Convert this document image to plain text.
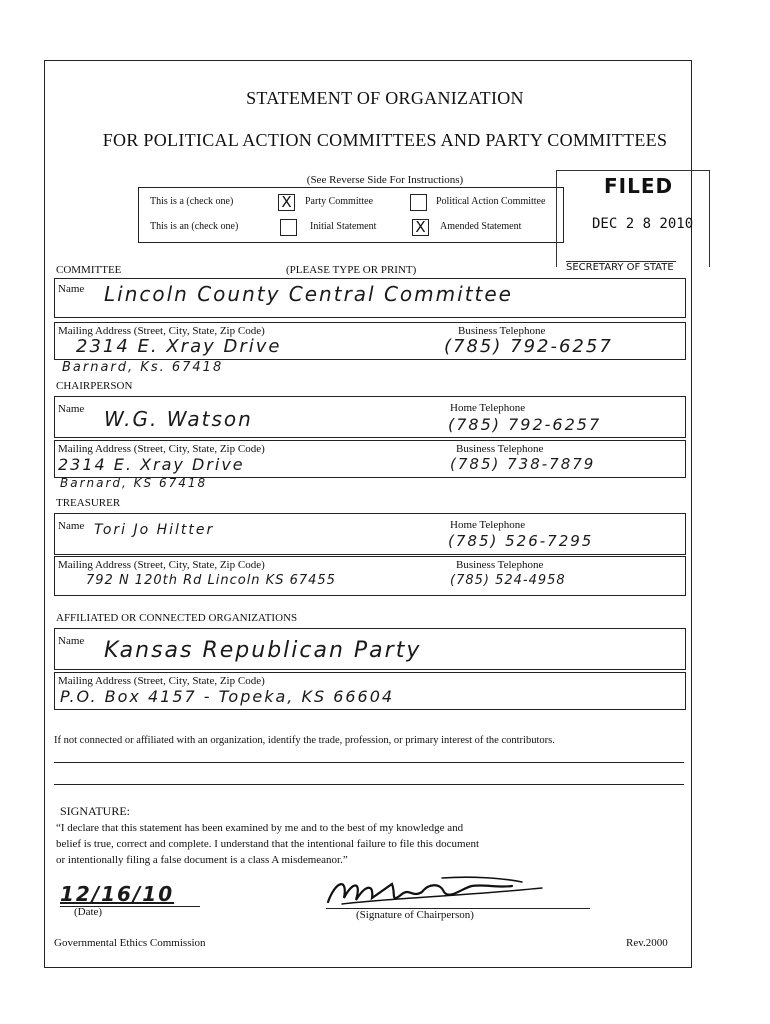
STATEMENT OF ORGANIZATION
FOR POLITICAL ACTION COMMITTEES AND PARTY COMMITTEES
(See Reverse Side For Instructions)
This is a (check one)	X	Party Committee	Political Action Committee
This is an (check one)	Initial Statement	X	Amended Statement
FILED
DEC 2 8 2010
SECRETARY OF STATE
COMMITTEE	(PLEASE TYPE OR PRINT)
Name Lincoln County Central Committee
Mailing Address (Street, City, State, Zip Code)	Business Telephone
2314 E. Xray Drive	(785) 792-6257
Barnard, Ks. 67418
CHAIRPERSON
Name W.G. Watson	Home Telephone
(785) 792-6257
Mailing Address (Street, City, State, Zip Code)	Business Telephone
2314 E. Xray Drive	(785) 738-7879
Barnard, KS 67418
TREASURER
Name Tori Jo Hiltter	Home Telephone
(785) 526-7295
Mailing Address (Street, City, State, Zip Code)	Business Telephone
792 N 120th Rd Lincoln KS 67455	(785) 524-4958
AFFILIATED OR CONNECTED ORGANIZATIONS
Name Kansas Republican Party
Mailing Address (Street, City, State, Zip Code)
P.O. Box 4157 - Topeka, KS 66604
If not connected or affiliated with an organization, identify the trade, profession, or primary interest of the contributors.
SIGNATURE:
“I declare that this statement has been examined by me and to the best of my knowledge and
belief is true, correct and complete. I understand that the intentional failure to file this document
or intentionally filing a false document is a class A misdemeanor.”
12/16/10
(Date)	(Signature of Chairperson)
Governmental Ethics Commission	Rev.2000
